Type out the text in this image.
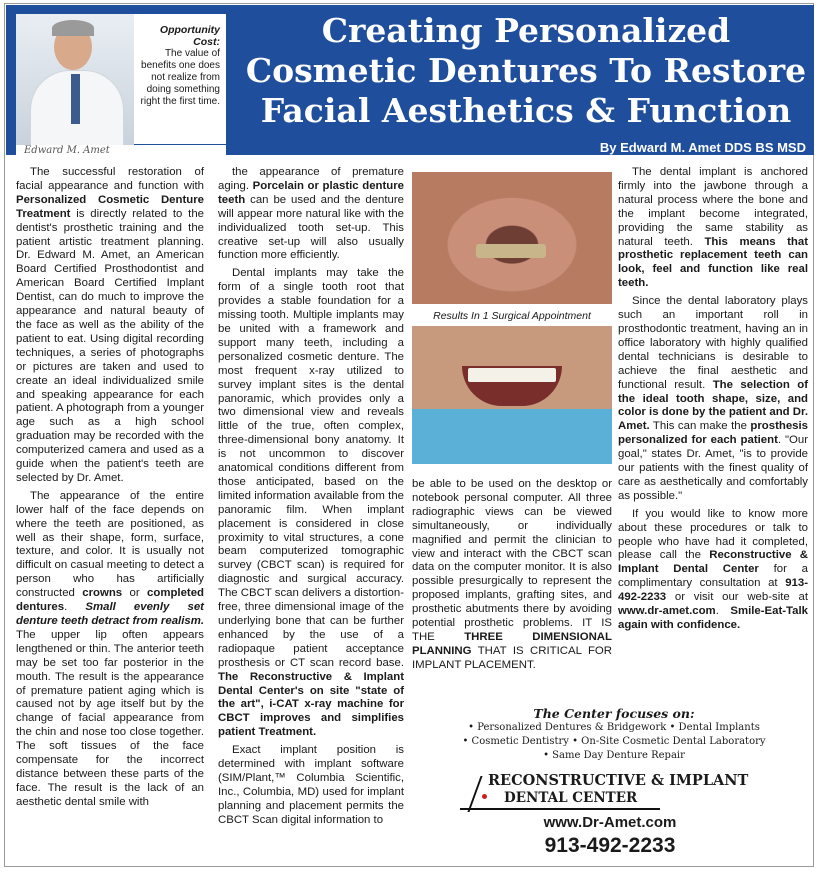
Opportunity Cost:
The value of benefits one does not realize from doing something right the first time.
Edward M. Amet
Creating Personalized
Cosmetic Dentures To Restore
Facial Aesthetics & Function
By Edward M. Amet DDS BS MSD

The successful restoration of facial appearance and function with Personalized Cosmetic Denture Treatment is directly related to the dentist's prosthetic training and the patient artistic treatment planning. Dr. Edward M. Amet, an American Board Certified Prosthodontist and American Board Certified Implant Dentist, can do much to improve the appearance and natural beauty of the face as well as the ability of the patient to eat. Using digital recording techniques, a series of photographs or pictures are taken and used to create an ideal individualized smile and speaking appearance for each patient. A photograph from a younger age such as a high school graduation may be recorded with the computerized camera and used as a guide when the patient's teeth are selected by Dr. Amet.

The appearance of the entire lower half of the face depends on where the teeth are positioned, as well as their shape, form, surface, texture, and color. It is usually not difficult on casual meeting to detect a person who has artificially constructed crowns or completed dentures. Small evenly set denture teeth detract from realism. The upper lip often appears lengthened or thin. The anterior teeth may be set too far posterior in the mouth. The result is the appearance of premature patient aging which is caused not by age itself but by the change of facial appearance from the chin and nose too close together. The soft tissues of the face compensate for the incorrect distance between these parts of the face. The result is the lack of an aesthetic dental smile with

the appearance of premature aging. Porcelain or plastic denture teeth can be used and the denture will appear more natural like with the individualized tooth set-up. This creative set-up will also usually function more efficiently.

Dental implants may take the form of a single tooth root that provides a stable foundation for a missing tooth. Multiple implants may be united with a framework and support many teeth, including a personalized cosmetic denture. The most frequent x-ray utilized to survey implant sites is the dental panoramic, which provides only a two dimensional view and reveals little of the true, often complex, three-dimensional bony anatomy. It is not uncommon to discover anatomical conditions different from those anticipated, based on the limited information available from the panoramic film. When implant placement is considered in close proximity to vital structures, a cone beam computerized tomographic survey (CBCT scan) is required for diagnostic and surgical accuracy. The CBCT scan delivers a distortion-free, three dimensional image of the underlying bone that can be further enhanced by the use of a radiopaque patient acceptance prosthesis or CT scan record base. The Reconstructive & Implant Dental Center's on site "state of the art", i-CAT x-ray machine for CBCT improves and simplifies patient Treatment.

Exact implant position is determined with implant software (SIM/Plant,™ Columbia Scientific, Inc., Columbia, MD) used for implant planning and placement permits the CBCT Scan digital information to

Results In 1 Surgical Appointment

be able to be used on the desktop or notebook personal computer. All three radiographic views can be viewed simultaneously, or individually magnified and permit the clinician to view and interact with the CBCT scan data on the computer monitor. It is also possible presurgically to represent the proposed implants, grafting sites, and prosthetic abutments there by avoiding potential prosthetic problems. IT IS THE THREE DIMENSIONAL PLANNING THAT IS CRITICAL FOR IMPLANT PLACEMENT.

The dental implant is anchored firmly into the jawbone through a natural process where the bone and the implant become integrated, providing the same stability as natural teeth. This means that prosthetic replacement teeth can look, feel and function like real teeth.

Since the dental laboratory plays such an important roll in prosthodontic treatment, having an in office laboratory with highly qualified dental technicians is desirable to achieve the final aesthetic and functional result. The selection of the ideal tooth shape, size, and color is done by the patient and Dr. Amet. This can make the prosthesis personalized for each patient. "Our goal," states Dr. Amet, "is to provide our patients with the finest quality of care as aesthetically and comfortably as possible."

If you would like to know more about these procedures or talk to people who have had it completed, please call the Reconstructive & Implant Dental Center for a complimentary consultation at 913-492-2233 or visit our web-site at www.dr-amet.com. Smile-Eat-Talk again with confidence.

The Center focuses on:
• Personalized Dentures & Bridgework • Dental Implants
• Cosmetic Dentistry • On-Site Cosmetic Dental Laboratory
• Same Day Denture Repair
RECONSTRUCTIVE & IMPLANT
DENTAL CENTER
www.Dr-Amet.com
913-492-2233
